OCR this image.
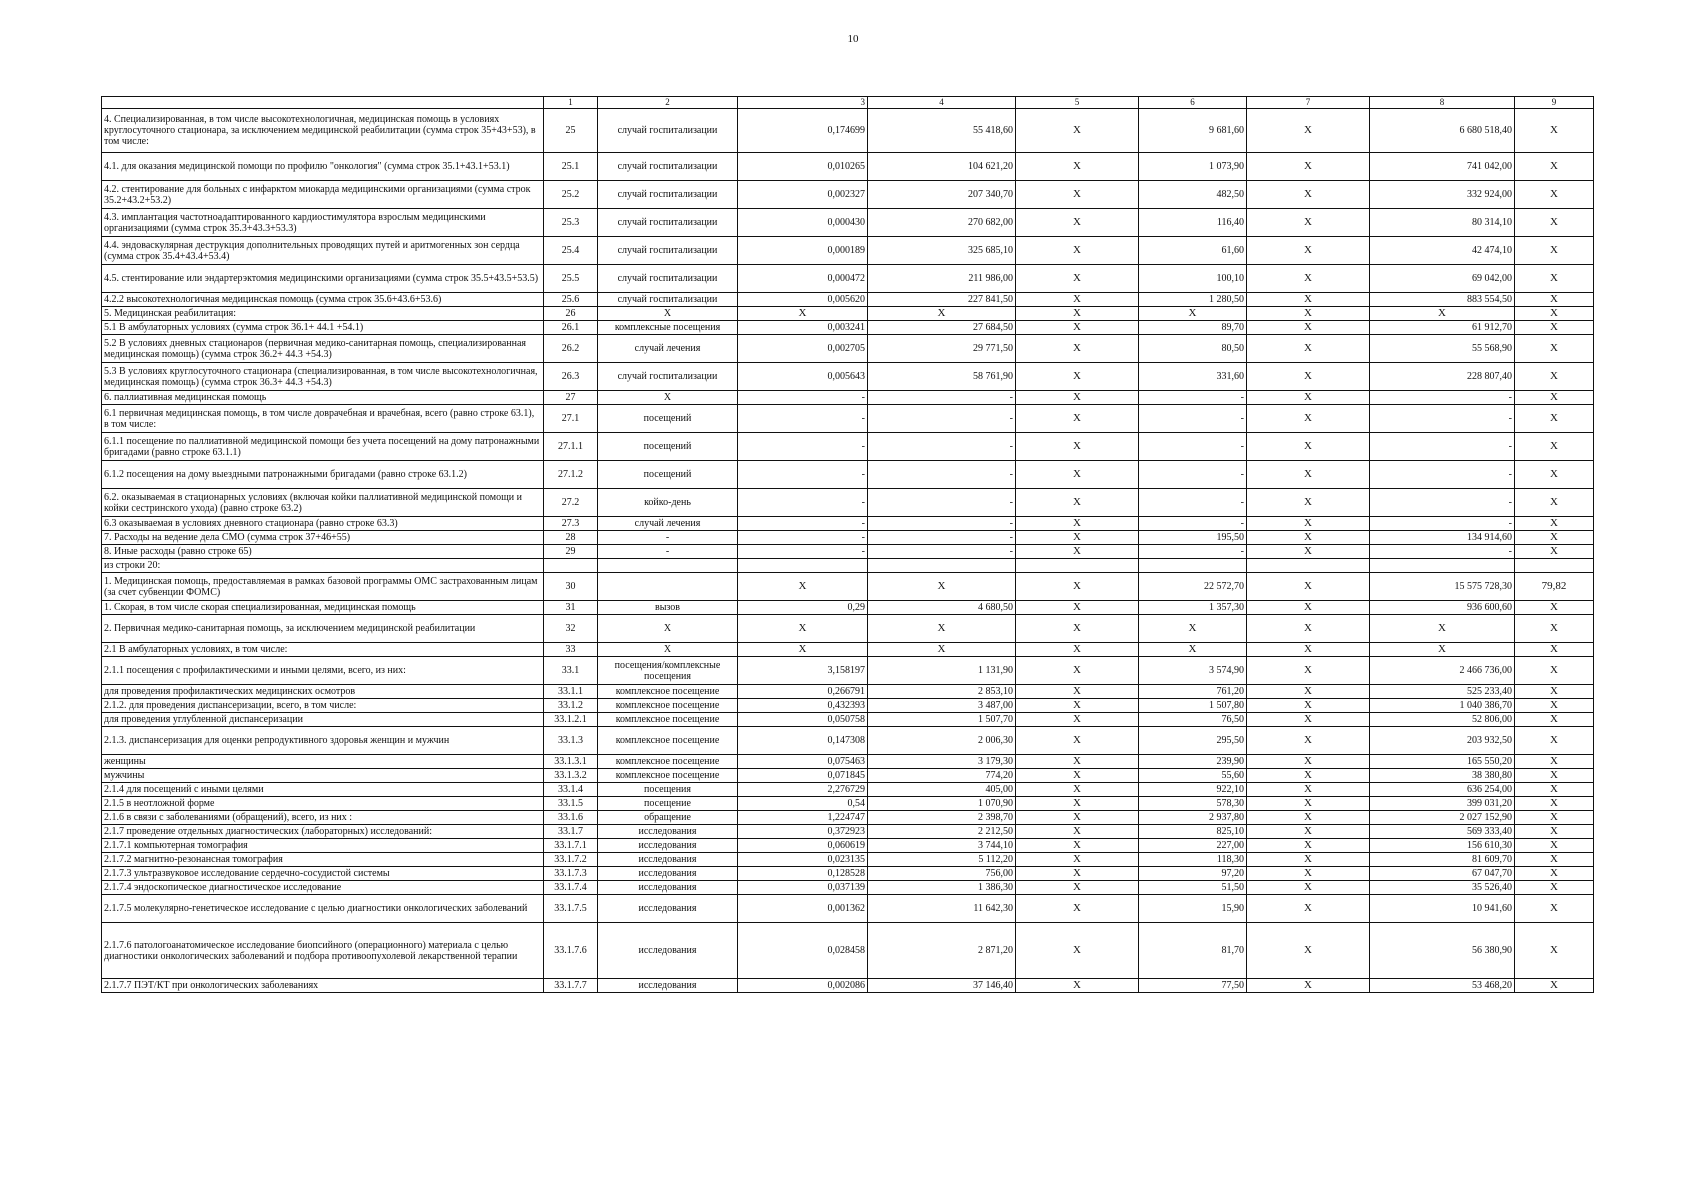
10
	1	2	3	4	5	6	7	8	9
4. Специализированная, в том числе высокотехнологичная, медицинская помощь в условиях круглосуточного стационара, за исключением медицинской реабилитации (сумма строк 35+43+53), в том числе:	25	случай госпитализации	0,174699	55 418,60	X	9 681,60	X	6 680 518,40	X
4.1. для оказания медицинской помощи по профилю "онкология" (сумма строк 35.1+43.1+53.1)	25.1	случай госпитализации	0,010265	104 621,20	X	1 073,90	X	741 042,00	X
4.2. стентирование для больных с инфарктом миокарда медицинскими организациями (сумма строк 35.2+43.2+53.2)	25.2	случай госпитализации	0,002327	207 340,70	X	482,50	X	332 924,00	X
4.3. имплантация частотноадаптированного кардиостимулятора взрослым медицинскими организациями (сумма строк 35.3+43.3+53.3)	25.3	случай госпитализации	0,000430	270 682,00	X	116,40	X	80 314,10	X
4.4. эндоваскулярная деструкция дополнительных проводящих путей и аритмогенных зон сердца (сумма строк 35.4+43.4+53.4)	25.4	случай госпитализации	0,000189	325 685,10	X	61,60	X	42 474,10	X
4.5. стентирование или эндартерэктомия медицинскими организациями (сумма строк 35.5+43.5+53.5)	25.5	случай госпитализации	0,000472	211 986,00	X	100,10	X	69 042,00	X
4.2.2 высокотехнологичная медицинская помощь (сумма строк 35.6+43.6+53.6)	25.6	случай госпитализации	0,005620	227 841,50	X	1 280,50	X	883 554,50	X
5. Медицинская реабилитация:	26	X	X	X	X	X	X	X	X
5.1 В амбулаторных условиях (сумма строк 36.1+ 44.1 +54.1)	26.1	комплексные посещения	0,003241	27 684,50	X	89,70	X	61 912,70	X
5.2 В условиях дневных стационаров (первичная медико-санитарная помощь, специализированная медицинская помощь) (сумма строк 36.2+ 44.3 +54.3)	26.2	случай лечения	0,002705	29 771,50	X	80,50	X	55 568,90	X
5.3 В условиях круглосуточного стационара (специализированная, в том числе высокотехнологичная, медицинская помощь) (сумма строк 36.3+ 44.3 +54.3)	26.3	случай госпитализации	0,005643	58 761,90	X	331,60	X	228 807,40	X
6. паллиативная медицинская помощь	27	X	-	-	X	-	X	-	X
6.1 первичная медицинская помощь, в том числе доврачебная и врачебная, всего (равно строке 63.1), в том числе:	27.1	посещений	-	-	X	-	X	-	X
6.1.1 посещение по паллиативной медицинской помощи без учета посещений на дому патронажными бригадами (равно строке 63.1.1)	27.1.1	посещений	-	-	X	-	X	-	X
6.1.2 посещения на дому выездными патронажными бригадами (равно строке 63.1.2)	27.1.2	посещений	-	-	X	-	X	-	X
6.2. оказываемая в стационарных условиях (включая койки паллиативной медицинской помощи и койки сестринского ухода) (равно строке 63.2)	27.2	койко-день	-	-	X	-	X	-	X
6.3 оказываемая в условиях дневного стационара (равно строке 63.3)	27.3	случай лечения	-	-	X	-	X	-	X
7. Расходы на ведение дела СМО (сумма строк 37+46+55)	28	-	-	-	X	195,50	X	134 914,60	X
8. Иные расходы (равно строке 65)	29	-	-	-	X	-	X	-	X
из строки 20:									
1. Медицинская помощь, предоставляемая в рамках базовой программы ОМС застрахованным лицам (за счет субвенции ФОМС)	30		X	X	X	22 572,70	X	15 575 728,30	79,82
1. Скорая, в том числе скорая специализированная, медицинская помощь	31	вызов	0,29	4 680,50	X	1 357,30	X	936 600,60	X
2. Первичная медико-санитарная помощь, за исключением медицинской реабилитации	32	X	X	X	X	X	X	X	X
2.1 В амбулаторных условиях, в том числе:	33	X	X	X	X	X	X	X	X
2.1.1 посещения с профилактическими и иными целями, всего, из них:	33.1	посещения/комплексные посещения	3,158197	1 131,90	X	3 574,90	X	2 466 736,00	X
для проведения профилактических медицинских осмотров	33.1.1	комплексное посещение	0,266791	2 853,10	X	761,20	X	525 233,40	X
2.1.2. для проведения диспансеризации, всего, в том числе:	33.1.2	комплексное посещение	0,432393	3 487,00	X	1 507,80	X	1 040 386,70	X
для проведения углубленной диспансеризации	33.1.2.1	комплексное посещение	0,050758	1 507,70	X	76,50	X	52 806,00	X
2.1.3. диспансеризация для оценки репродуктивного здоровья женщин и мужчин	33.1.3	комплексное посещение	0,147308	2 006,30	X	295,50	X	203 932,50	X
женщины	33.1.3.1	комплексное посещение	0,075463	3 179,30	X	239,90	X	165 550,20	X
мужчины	33.1.3.2	комплексное посещение	0,071845	774,20	X	55,60	X	38 380,80	X
2.1.4 для посещений с иными целями	33.1.4	посещения	2,276729	405,00	X	922,10	X	636 254,00	X
2.1.5 в неотложной форме	33.1.5	посещение	0,54	1 070,90	X	578,30	X	399 031,20	X
2.1.6 в связи с заболеваниями (обращений), всего, из них :	33.1.6	обращение	1,224747	2 398,70	X	2 937,80	X	2 027 152,90	X
2.1.7 проведение отдельных диагностических (лабораторных) исследований:	33.1.7	исследования	0,372923	2 212,50	X	825,10	X	569 333,40	X
2.1.7.1 компьютерная томография	33.1.7.1	исследования	0,060619	3 744,10	X	227,00	X	156 610,30	X
2.1.7.2 магнитно-резонансная томография	33.1.7.2	исследования	0,023135	5 112,20	X	118,30	X	81 609,70	X
2.1.7.3 ультразвуковое исследование сердечно-сосудистой системы	33.1.7.3	исследования	0,128528	756,00	X	97,20	X	67 047,70	X
2.1.7.4 эндоскопическое диагностическое исследование	33.1.7.4	исследования	0,037139	1 386,30	X	51,50	X	35 526,40	X
2.1.7.5 молекулярно-генетическое исследование с целью диагностики онкологических заболеваний	33.1.7.5	исследования	0,001362	11 642,30	X	15,90	X	10 941,60	X
2.1.7.6 патологоанатомическое исследование биопсийного (операционного) материала с целью диагностики онкологических заболеваний и подбора противоопухолевой лекарственной терапии	33.1.7.6	исследования	0,028458	2 871,20	X	81,70	X	56 380,90	X
2.1.7.7 ПЭТ/КТ при онкологических заболеваниях	33.1.7.7	исследования	0,002086	37 146,40	X	77,50	X	53 468,20	X
